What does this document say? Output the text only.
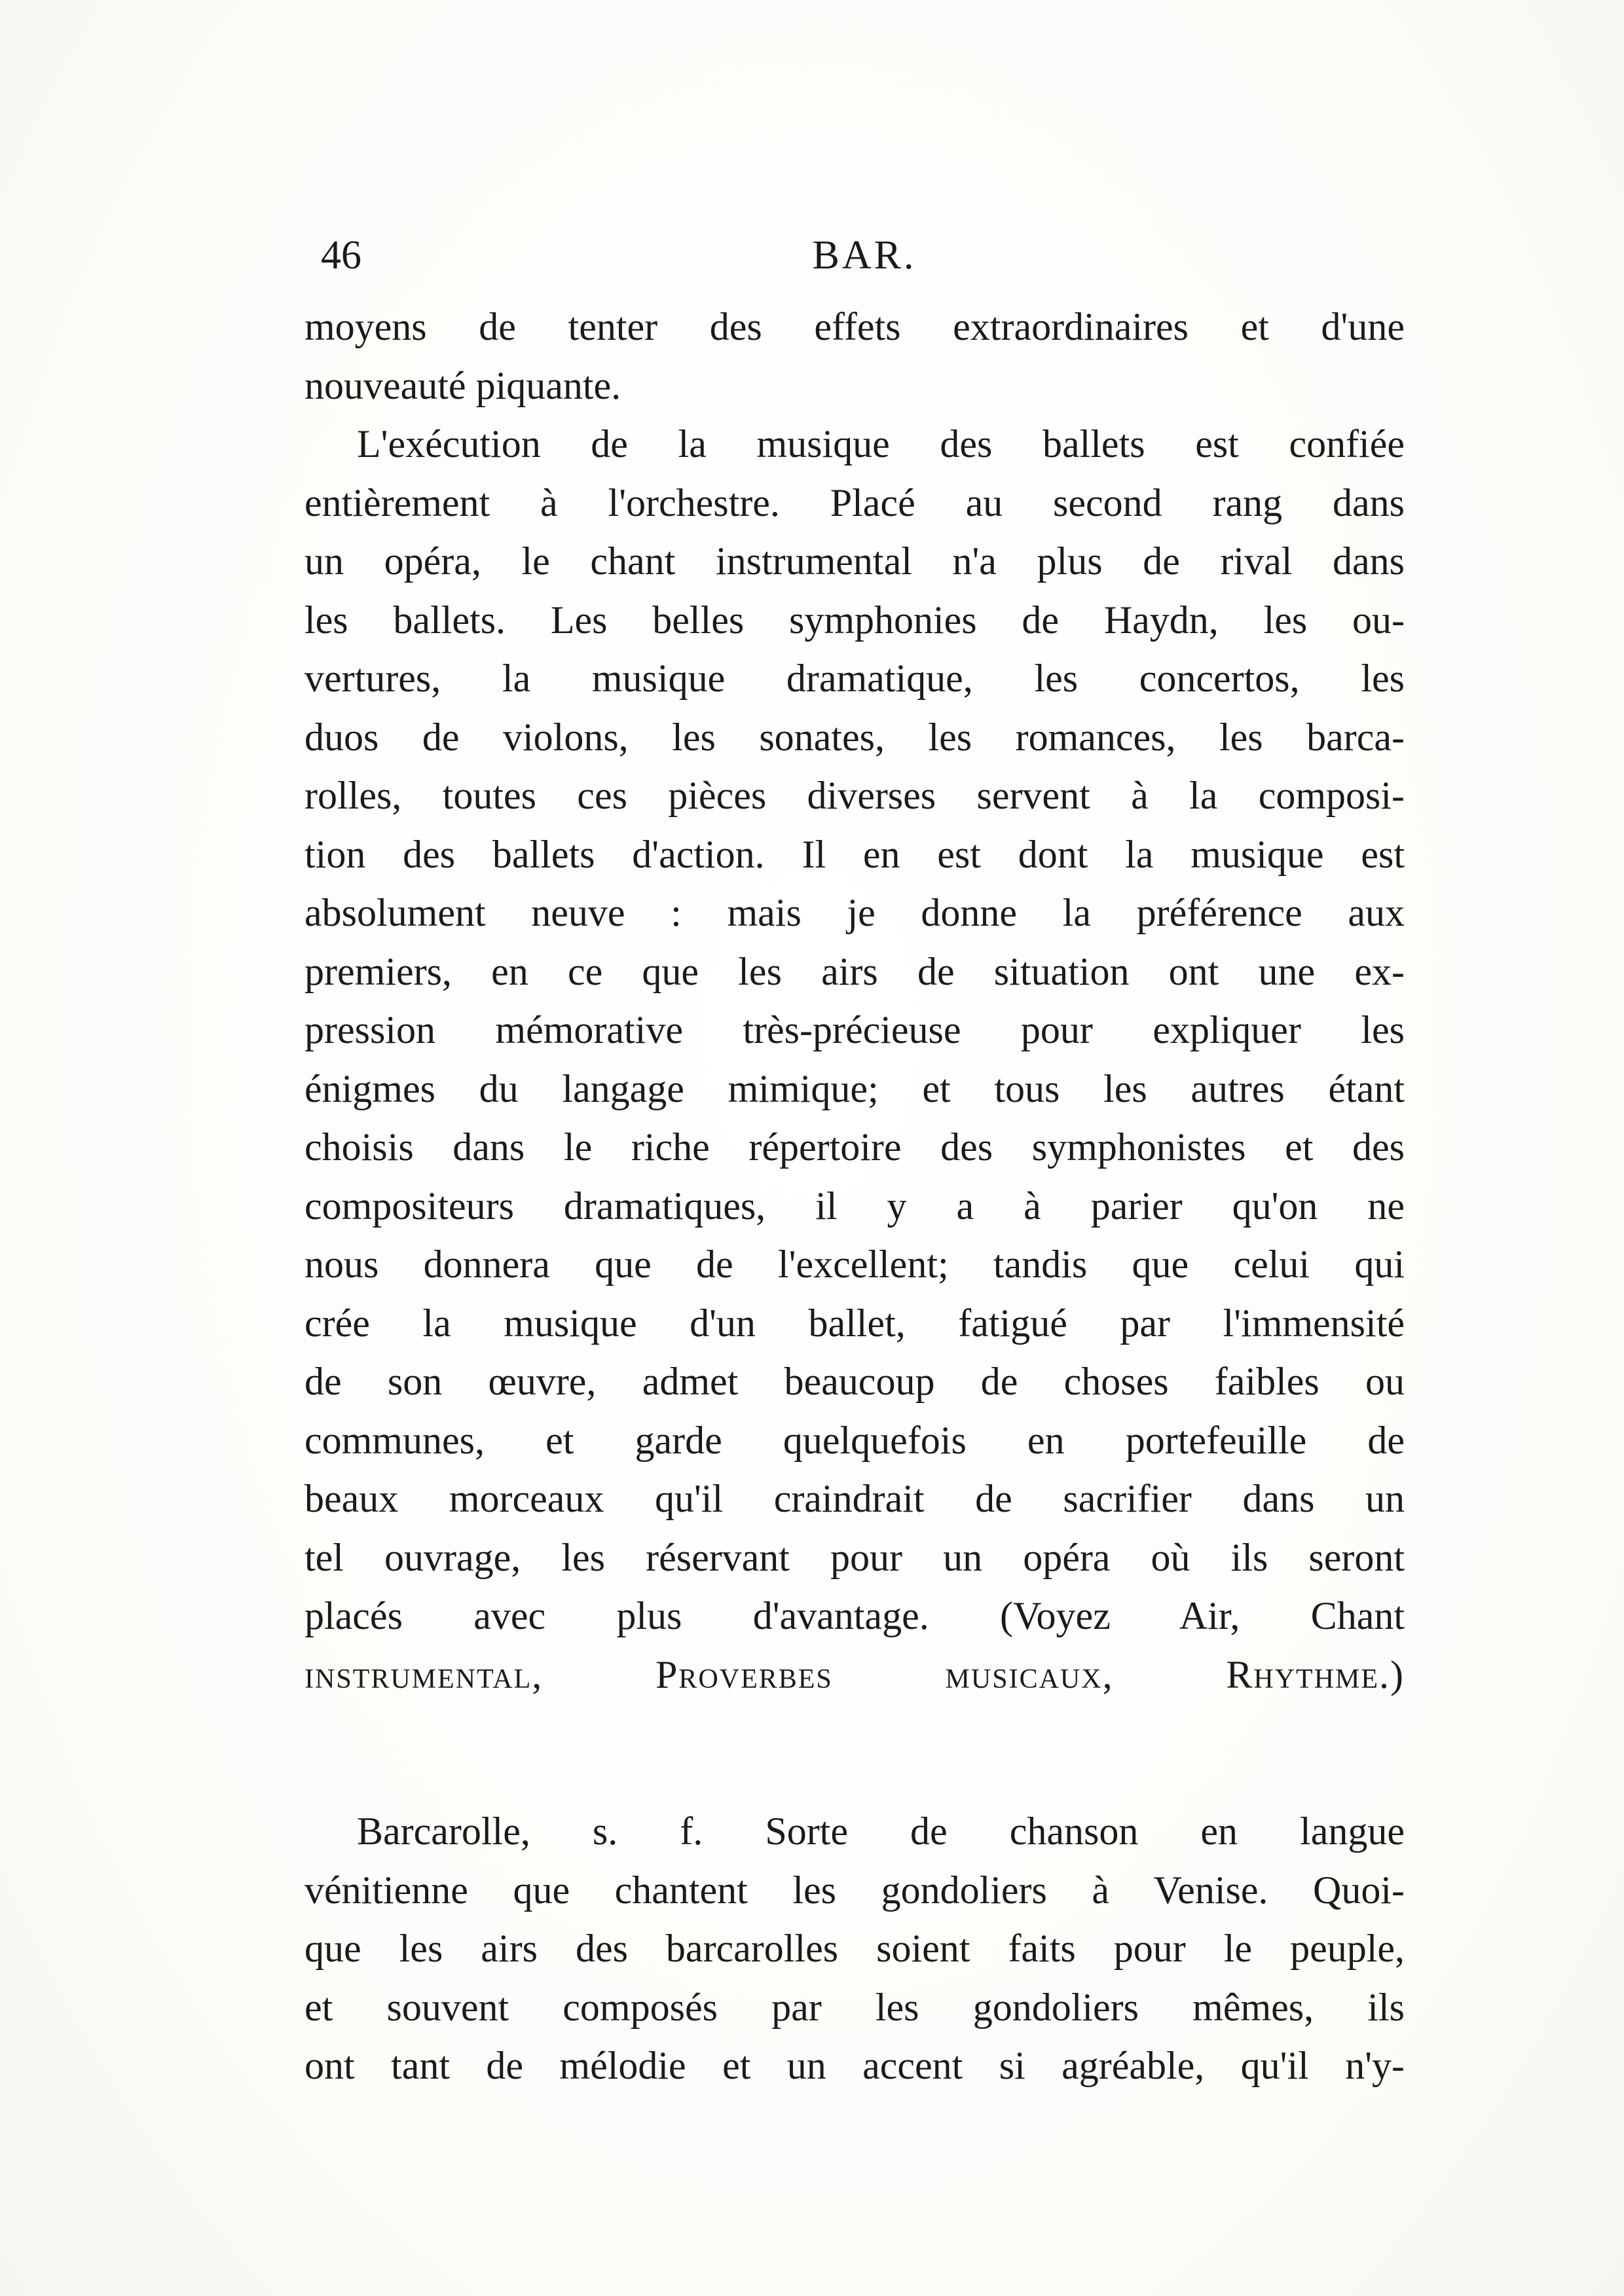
46	BAR.

moyens de tenter des effets extraordinaires et d'une
nouveauté piquante.

L'exécution de la musique des ballets est confiée
entièrement à l'orchestre. Placé au second rang dans
un opéra, le chant instrumental n'a plus de rival dans
les ballets. Les belles symphonies de Haydn, les ou-
vertures, la musique dramatique, les concertos, les
duos de violons, les sonates, les romances, les barca-
rolles, toutes ces pièces diverses servent à la composi-
tion des ballets d'action. Il en est dont la musique est
absolument neuve : mais je donne la préférence aux
premiers, en ce que les airs de situation ont une ex-
pression mémorative très-précieuse pour expliquer les
énigmes du langage mimique; et tous les autres étant
choisis dans le riche répertoire des symphonistes et des
compositeurs dramatiques, il y a à parier qu'on ne
nous donnera que de l'excellent; tandis que celui qui
crée la musique d'un ballet, fatigué par l'immensité
de son œuvre, admet beaucoup de choses faibles ou
communes, et garde quelquefois en portefeuille de
beaux morceaux qu'il craindrait de sacrifier dans un
tel ouvrage, les réservant pour un opéra où ils seront
placés avec plus d'avantage. (Voyez Air, Chant
instrumental, Proverbes musicaux, Rhythme.)

Barcarolle, s. f. Sorte de chanson en langue
vénitienne que chantent les gondoliers à Venise. Quoi-
que les airs des barcarolles soient faits pour le peuple,
et souvent composés par les gondoliers mêmes, ils
ont tant de mélodie et un accent si agréable, qu'il n'y-
